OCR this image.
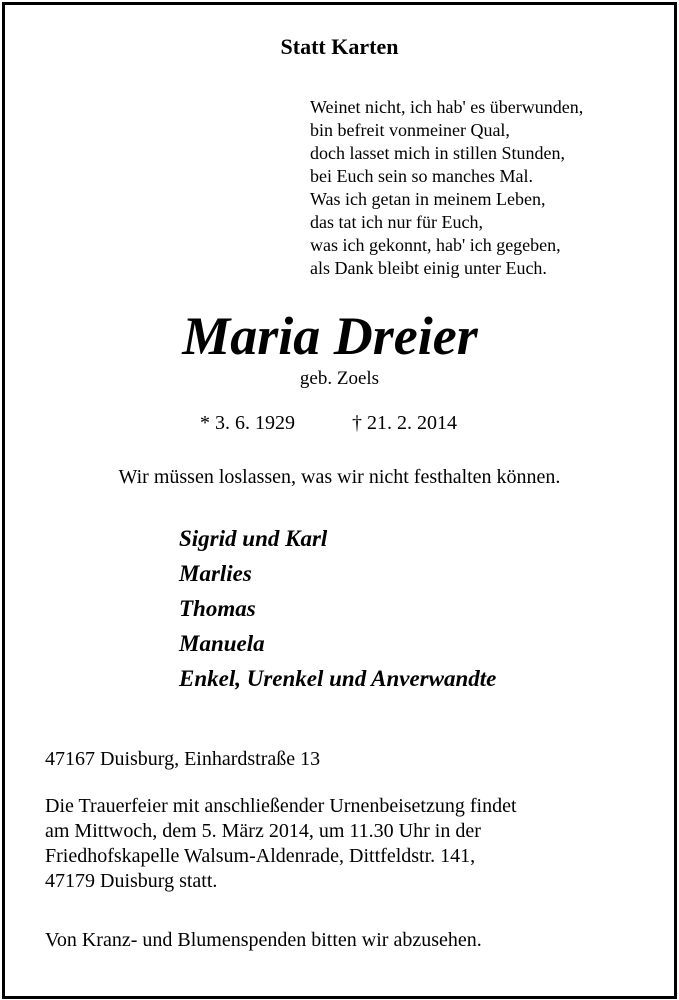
Statt Karten
Weinet nicht, ich hab' es überwunden,
bin befreit vonmeiner Qual,
doch lasset mich in stillen Stunden,
bei Euch sein so manches Mal.
Was ich getan in meinem Leben,
das tat ich nur für Euch,
was ich gekonnt, hab' ich gegeben,
als Dank bleibt einig unter Euch.
Maria Dreier
geb. Zoels
* 3. 6. 1929	† 21. 2. 2014
Wir müssen loslassen, was wir nicht festhalten können.
Sigrid und Karl
Marlies
Thomas
Manuela
Enkel, Urenkel und Anverwandte
47167 Duisburg, Einhardstraße 13
Die Trauerfeier mit anschließender Urnenbeisetzung findet
am Mittwoch, dem 5. März 2014, um 11.30 Uhr in der
Friedhofskapelle Walsum-Aldenrade, Dittfeldstr. 141,
47179 Duisburg statt.
Von Kranz- und Blumenspenden bitten wir abzusehen.
